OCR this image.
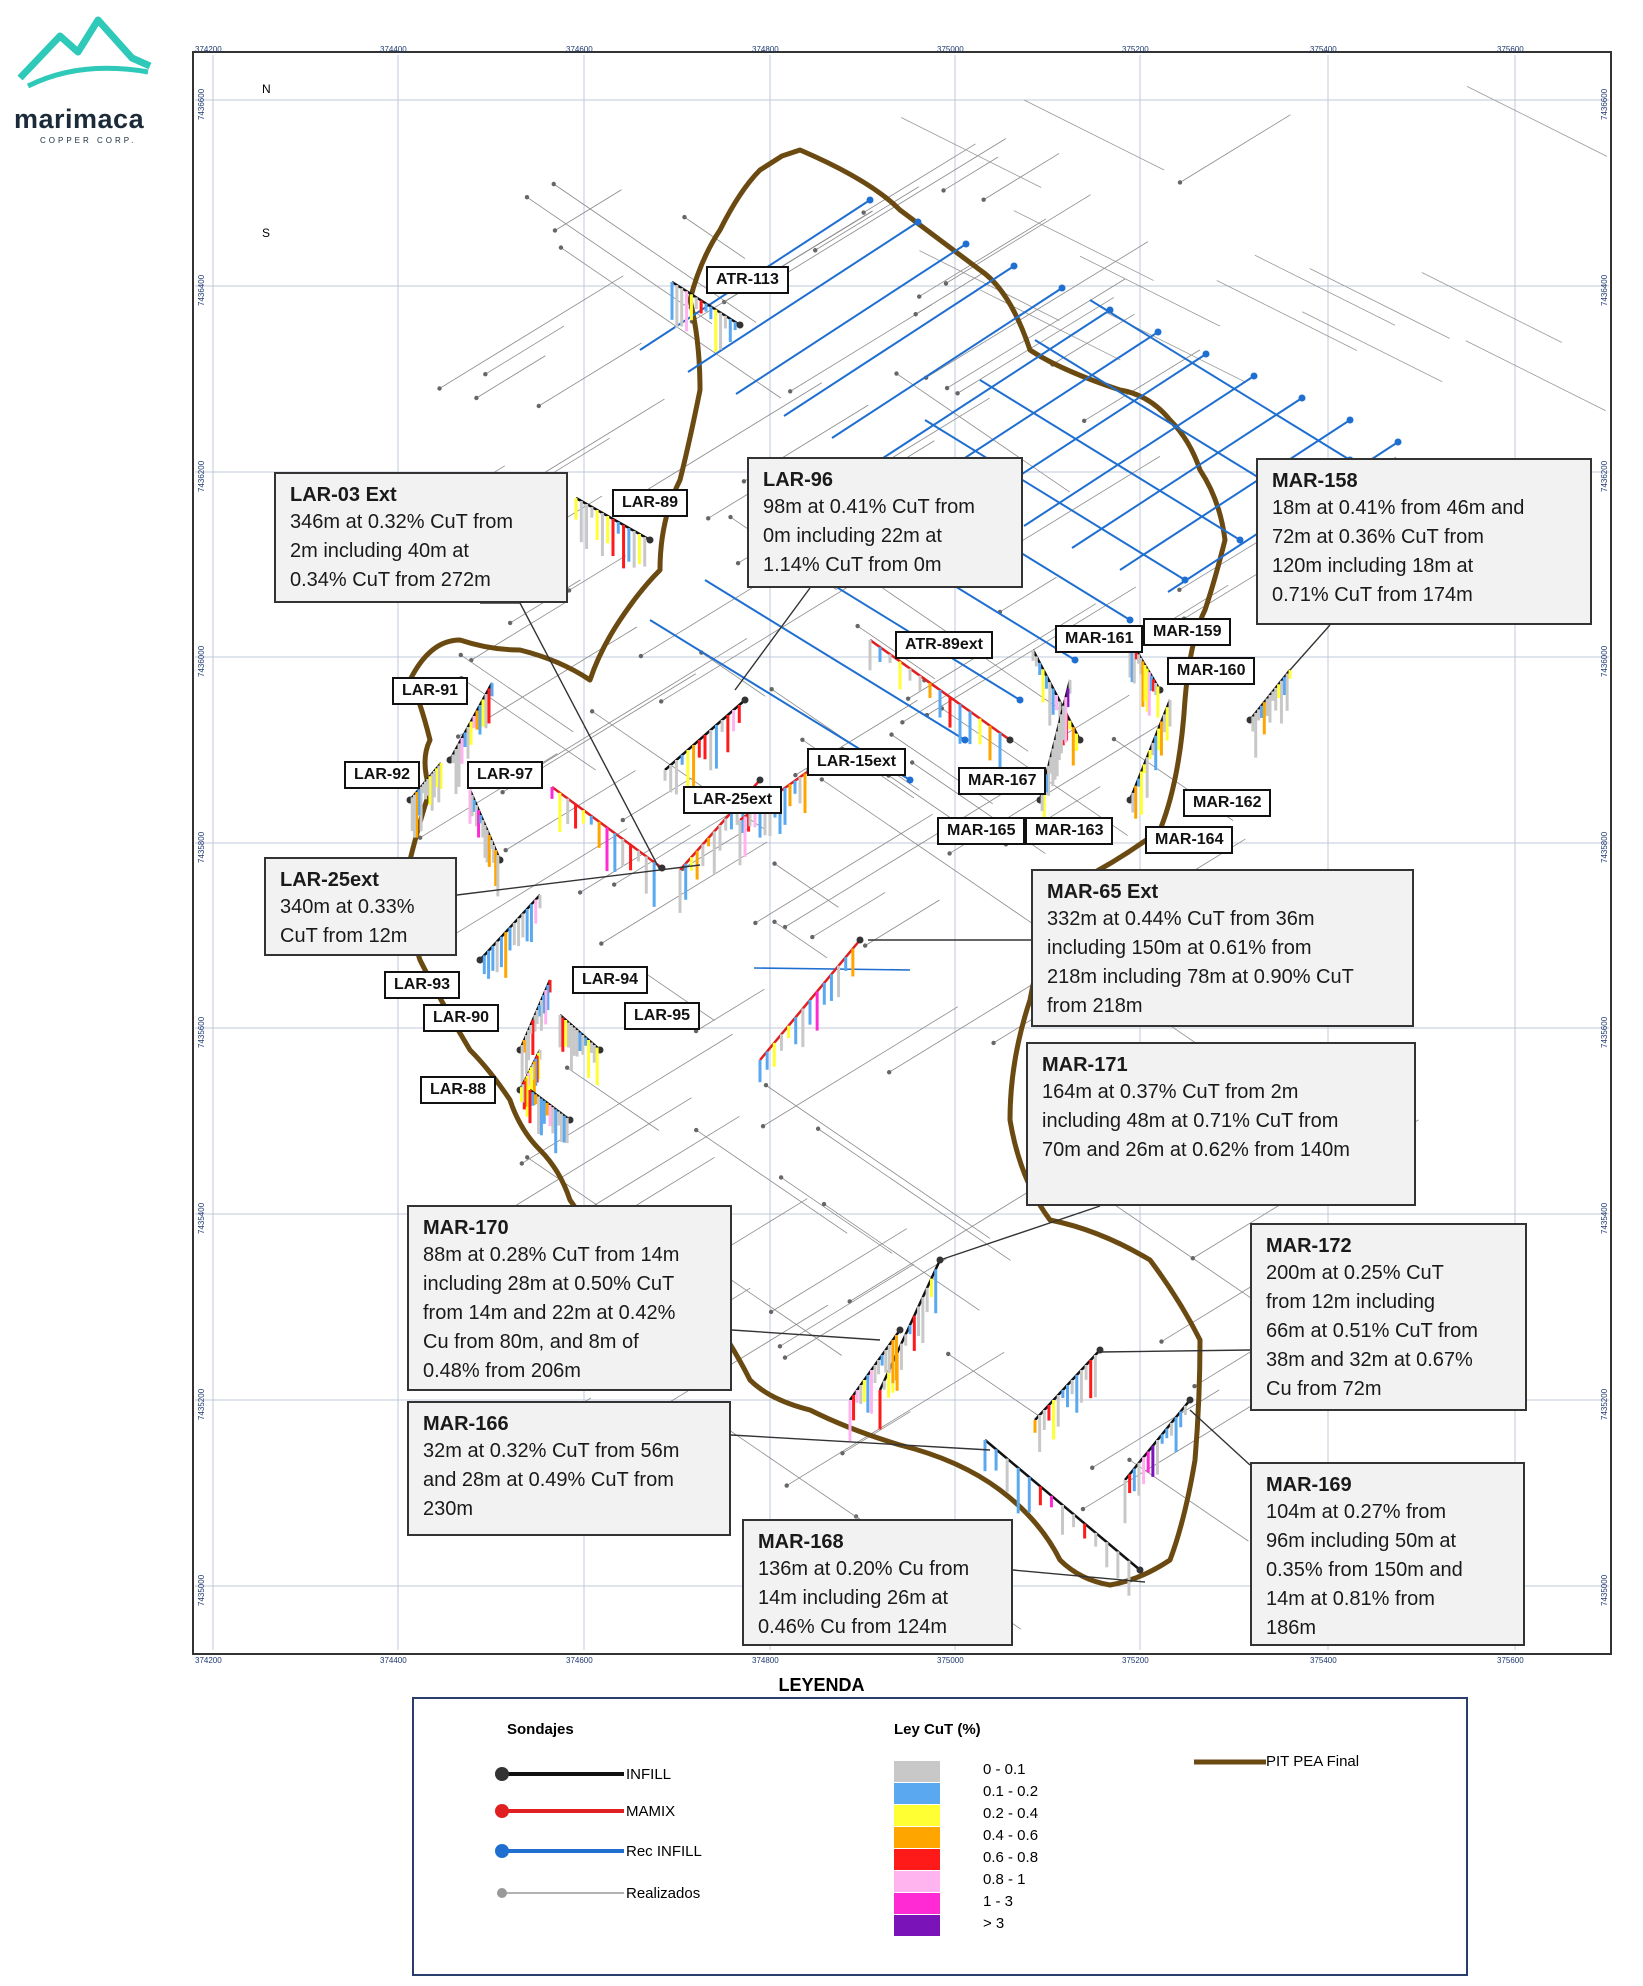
374200
374200
374400
374400
374600
374600
374800
374800
375000
375000
375200
375200
375400
375400
375600
375600
7436600	7436600
7436400	7436400
7436200	7436200
7436000	7436000
7435800	7435800
7435600	7435600
7435400	7435400
7435200	7435200
7435000	7435000
marimaca
COPPER CORP.
N
S
ATR-113
LAR-89
LAR-91
LAR-92	LAR-97
ATR-89ext	MAR-161	MAR-159
MAR-160
LAR-15ext
LAR-25ext
MAR-167
MAR-165	MAR-163
MAR-162
MAR-164
LAR-93	LAR-94
LAR-90	LAR-95
LAR-88
LAR-03 Ext
346m at 0.32% CuT from
2m including 40m at
0.34% CuT from 272m
LAR-96
98m at 0.41% CuT from
0m including 22m at
1.14% CuT from 0m
MAR-158
18m at 0.41% from 46m and
72m at 0.36% CuT from
120m including 18m at
0.71% CuT from 174m
LAR-25ext
340m at 0.33%
CuT from 12m
MAR-65 Ext
332m at 0.44% CuT from 36m
including 150m at 0.61% from
218m including 78m at 0.90% CuT
from 218m
MAR-171
164m at 0.37% CuT from 2m
including 48m at 0.71% CuT from
70m and 26m at 0.62% from 140m
MAR-170
88m at 0.28% CuT from 14m
including 28m at 0.50% CuT
from 14m and 22m at 0.42%
Cu from 80m, and 8m of
0.48% from 206m
MAR-172
200m at 0.25% CuT
from 12m including
66m at 0.51% CuT from
38m and 32m at 0.67%
Cu from 72m
MAR-166
32m at 0.32% CuT from 56m
and 28m at 0.49% CuT from
230m
MAR-168
136m at 0.20% Cu from
14m including 26m at
0.46% Cu from 124m
MAR-169
104m at 0.27% from
96m including 50m at
0.35% from 150m and
14m at 0.81% from
186m
LEYENDA
Sondajes
INFILL
MAMIX
Rec INFILL
Realizados
Ley CuT (%)
0 - 0.1
0.1 - 0.2
0.2 - 0.4
0.4 - 0.6
0.6 - 0.8
0.8 - 1
1 - 3
> 3
PIT PEA Final
